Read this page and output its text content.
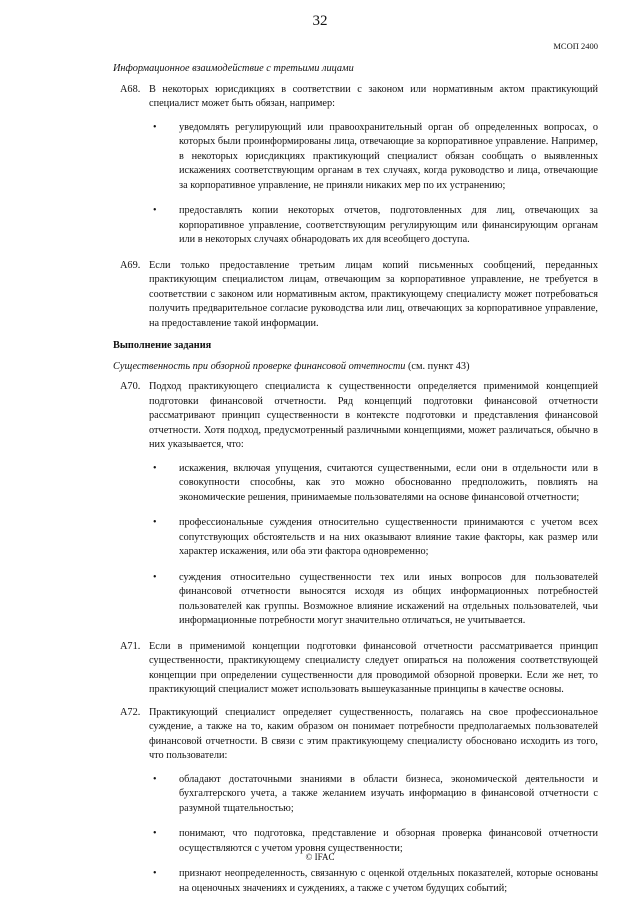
32
МСОП 2400
Информационное взаимодействие с третьими лицами
A68. В некоторых юрисдикциях в соответствии с законом или нормативным актом практикующий специалист может быть обязан, например:
• уведомлять регулирующий или правоохранительный орган об определенных вопросах, о которых были проинформированы лица, отвечающие за корпоративное управление. Например, в некоторых юрисдикциях практикующий специалист обязан сообщать о выявленных искажениях соответствующим органам в тех случаях, когда руководство и лица, отвечающие за корпоративное управление, не приняли никаких мер по их устранению;
• предоставлять копии некоторых отчетов, подготовленных для лиц, отвечающих за корпоративное управление, соответствующим регулирующим или финансирующим органам или в некоторых случаях обнародовать их для всеобщего доступа.
A69. Если только предоставление третьим лицам копий письменных сообщений, переданных практикующим специалистом лицам, отвечающим за корпоративное управление, не требуется в соответствии с законом или нормативным актом, практикующему специалисту может потребоваться получить предварительное согласие руководства или лиц, отвечающих за корпоративное управление, на предоставление такой информации.
Выполнение задания
Существенность при обзорной проверке финансовой отчетности (см. пункт 43)
A70. Подход практикующего специалиста к существенности определяется применимой концепцией подготовки финансовой отчетности. Ряд концепций подготовки финансовой отчетности рассматривают принцип существенности в контексте подготовки и представления финансовой отчетности. Хотя подход, предусмотренный различными концепциями, может различаться, обычно в них указывается, что:
• искажения, включая упущения, считаются существенными, если они в отдельности или в совокупности способны, как это можно обоснованно предположить, повлиять на экономические решения, принимаемые пользователями на основе финансовой отчетности;
• профессиональные суждения относительно существенности принимаются с учетом всех сопутствующих обстоятельств и на них оказывают влияние такие факторы, как размер или характер искажения, или оба эти фактора одновременно;
• суждения относительно существенности тех или иных вопросов для пользователей финансовой отчетности выносятся исходя из общих информационных потребностей пользователей как группы. Возможное влияние искажений на отдельных пользователей, чьи информационные потребности могут значительно отличаться, не учитывается.
A71. Если в применимой концепции подготовки финансовой отчетности рассматривается принцип существенности, практикующему специалисту следует опираться на положения соответствующей концепции при определении существенности для проводимой обзорной проверки. Если же нет, то практикующий специалист может использовать вышеуказанные принципы в качестве основы.
A72. Практикующий специалист определяет существенность, полагаясь на свое профессиональное суждение, а также на то, каким образом он понимает потребности предполагаемых пользователей финансовой отчетности. В связи с этим практикующему специалисту обосновано исходить из того, что пользователи:
• обладают достаточными знаниями в области бизнеса, экономической деятельности и бухгалтерского учета, а также желанием изучать информацию в финансовой отчетности с разумной тщательностью;
• понимают, что подготовка, представление и обзорная проверка финансовой отчетности осуществляются с учетом уровня существенности;
• признают неопределенность, связанную с оценкой отдельных показателей, которые основаны на оценочных значениях и суждениях, а также с учетом будущих событий;
© IFAC
